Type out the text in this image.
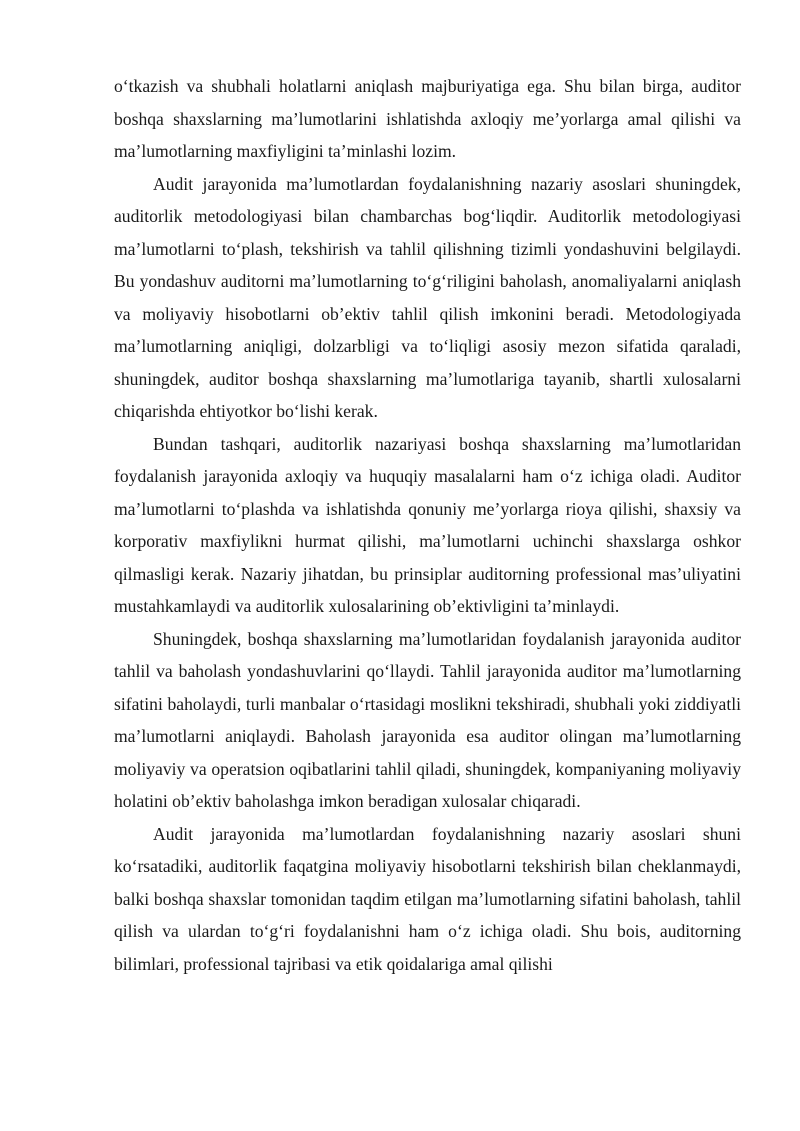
o‘tkazish va shubhali holatlarni aniqlash majburiyatiga ega. Shu bilan birga, auditor boshqa shaxslarning ma’lumotlarini ishlatishda axloqiy me’yorlarga amal qilishi va ma’lumotlarning maxfiyligini ta’minlashi lozim.

Audit jarayonida ma’lumotlardan foydalanishning nazariy asoslari shuningdek, auditorlik metodologiyasi bilan chambarchas bog‘liqdir. Auditorlik metodologiyasi ma’lumotlarni to‘plash, tekshirish va tahlil qilishning tizimli yondashuvini belgilaydi. Bu yondashuv auditorni ma’lumotlarning to‘g‘riligini baholash, anomaliyalarni aniqlash va moliyaviy hisobotlarni ob’ektiv tahlil qilish imkonini beradi. Metodologiyada ma’lumotlarning aniqligi, dolzarbligi va to‘liqligi asosiy mezon sifatida qaraladi, shuningdek, auditor boshqa shaxslarning ma’lumotlariga tayanib, shartli xulosalarni chiqarishda ehtiyotkor bo‘lishi kerak.

Bundan tashqari, auditorlik nazariyasi boshqa shaxslarning ma’lumotlaridan foydalanish jarayonida axloqiy va huquqiy masalalarni ham o‘z ichiga oladi. Auditor ma’lumotlarni to‘plashda va ishlatishda qonuniy me’yorlarga rioya qilishi, shaxsiy va korporativ maxfiylikni hurmat qilishi, ma’lumotlarni uchinchi shaxslarga oshkor qilmasligi kerak. Nazariy jihatdan, bu prinsiplar auditorning professional mas’uliyatini mustahkamlaydi va auditorlik xulosalarining ob’ektivligini ta’minlaydi.

Shuningdek, boshqa shaxslarning ma’lumotlaridan foydalanish jarayonida auditor tahlil va baholash yondashuvlarini qo‘llaydi. Tahlil jarayonida auditor ma’lumotlarning sifatini baholaydi, turli manbalar o‘rtasidagi moslikni tekshiradi, shubhali yoki ziddiyatli ma’lumotlarni aniqlaydi. Baholash jarayonida esa auditor olingan ma’lumotlarning moliyaviy va operatsion oqibatlarini tahlil qiladi, shuningdek, kompaniyaning moliyaviy holatini ob’ektiv baholashga imkon beradigan xulosalar chiqaradi.

Audit jarayonida ma’lumotlardan foydalanishning nazariy asoslari shuni ko‘rsatadiki, auditorlik faqatgina moliyaviy hisobotlarni tekshirish bilan cheklanmaydi, balki boshqa shaxslar tomonidan taqdim etilgan ma’lumotlarning sifatini baholash, tahlil qilish va ulardan to‘g‘ri foydalanishni ham o‘z ichiga oladi. Shu bois, auditorning bilimlari, professional tajribasi va etik qoidalariga amal qilishi
